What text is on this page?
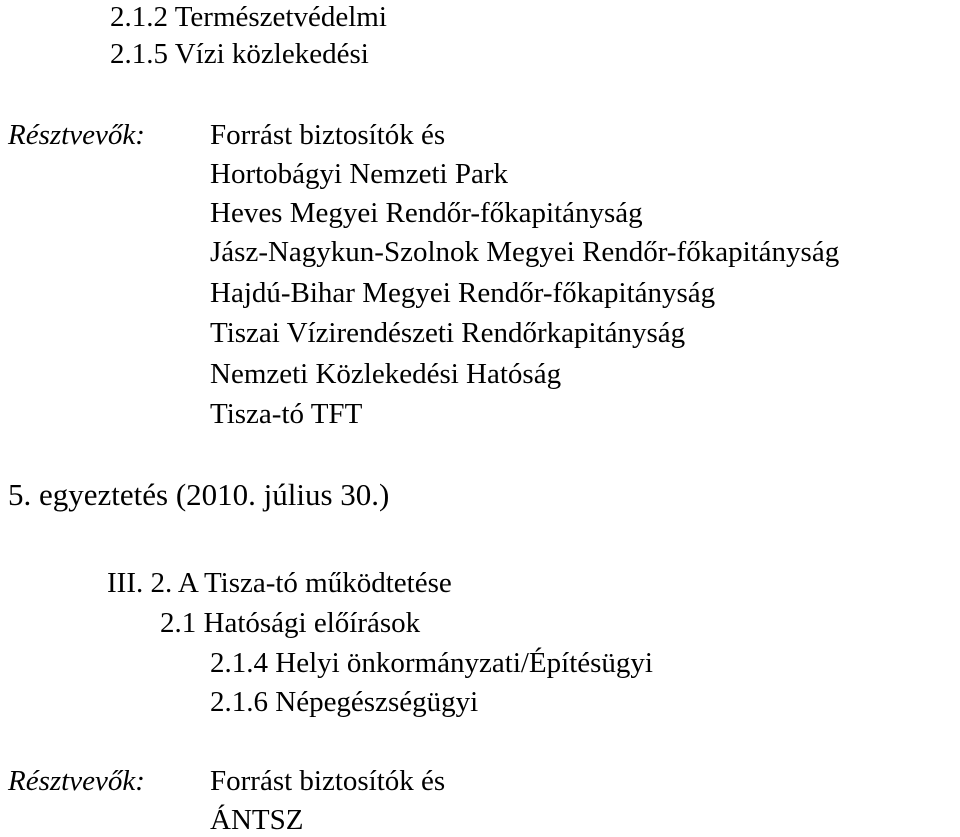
2.1.2 Természetvédelmi
2.1.5 Vízi közlekedési
Résztvevők: Forrást biztosítók és
Hortobágyi Nemzeti Park
Heves Megyei Rendőr-főkapitányság
Jász-Nagykun-Szolnok Megyei Rendőr-főkapitányság
Hajdú-Bihar Megyei Rendőr-főkapitányság
Tiszai Vízirendészeti Rendőrkapitányság
Nemzeti Közlekedési Hatóság
Tisza-tó TFT
5. egyeztetés (2010. július 30.)
III. 2. A Tisza-tó működtetése
2.1 Hatósági előírások
2.1.4 Helyi önkormányzati/Építésügyi
2.1.6 Népegészségügyi
Résztvevők: Forrást biztosítók és
ÁNTSZ
